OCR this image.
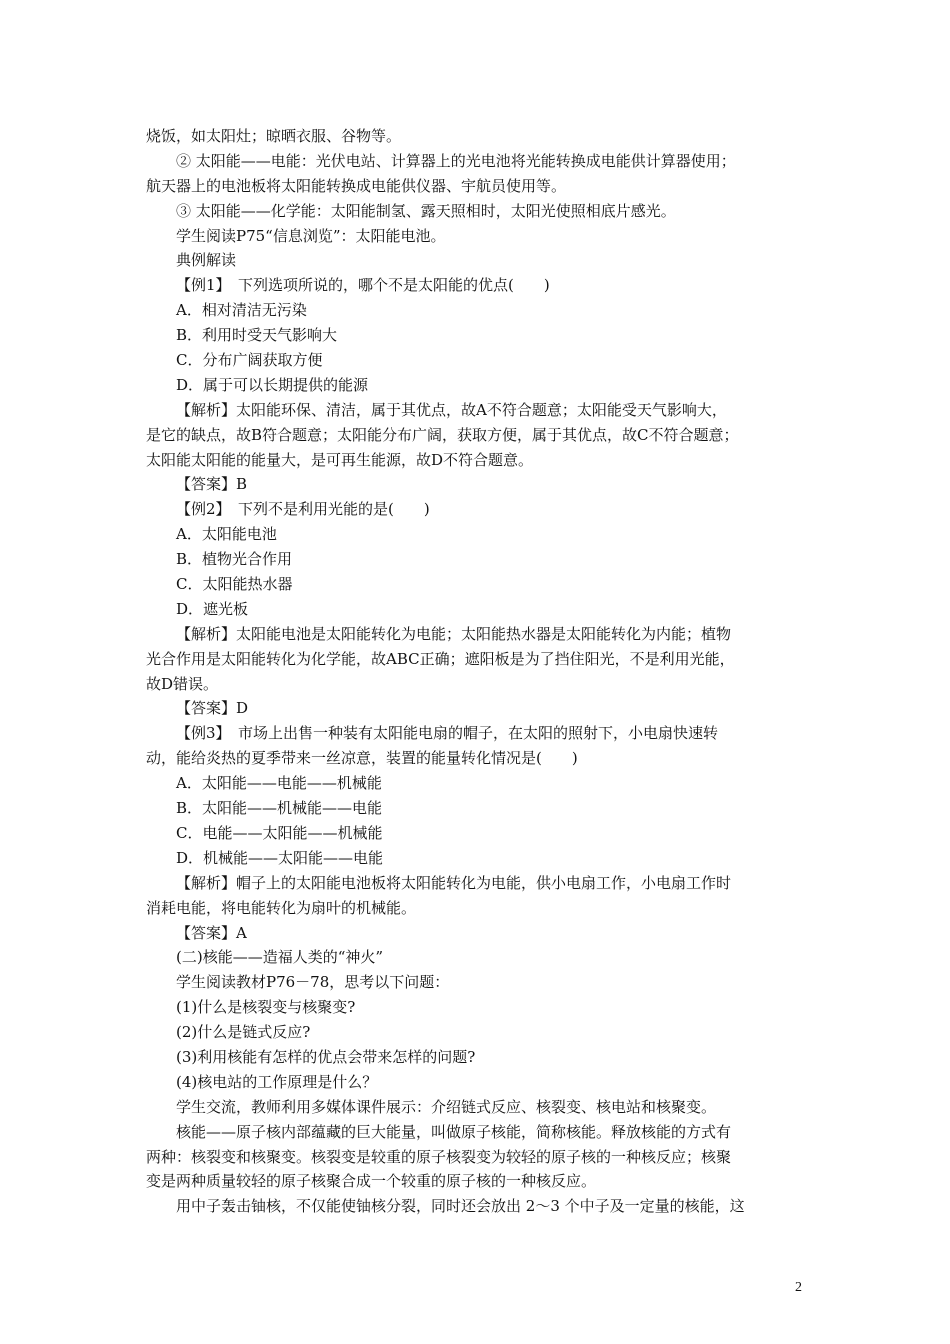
烧饭，如太阳灶；晾晒衣服、谷物等。
② 太阳能——电能：光伏电站、计算器上的光电池将光能转换成电能供计算器使用；
航天器上的电池板将太阳能转换成电能供仪器、宇航员使用等。
③ 太阳能——化学能：太阳能制氢、露天照相时，太阳光使照相底片感光。
学生阅读P75“信息浏览”：太阳能电池。
典例解读
【例1】　下列选项所说的，哪个不是太阳能的优点(　　)
A．相对清洁无污染
B．利用时受天气影响大
C．分布广阔获取方便
D．属于可以长期提供的能源
【解析】太阳能环保、清洁，属于其优点，故A不符合题意；太阳能受天气影响大，
是它的缺点，故B符合题意；太阳能分布广阔，获取方便，属于其优点，故C不符合题意；
太阳能太阳能的能量大，是可再生能源，故D不符合题意。
【答案】B
【例2】　下列不是利用光能的是(　　)
A．太阳能电池
B．植物光合作用
C．太阳能热水器
D．遮光板
【解析】太阳能电池是太阳能转化为电能；太阳能热水器是太阳能转化为内能；植物
光合作用是太阳能转化为化学能，故ABC正确；遮阳板是为了挡住阳光，不是利用光能，
故D错误。
【答案】D
【例3】　市场上出售一种装有太阳能电扇的帽子，在太阳的照射下，小电扇快速转
动，能给炎热的夏季带来一丝凉意，装置的能量转化情况是(　　)
A．太阳能——电能——机械能
B．太阳能——机械能——电能
C．电能——太阳能——机械能
D．机械能——太阳能——电能
【解析】帽子上的太阳能电池板将太阳能转化为电能，供小电扇工作，小电扇工作时
消耗电能，将电能转化为扇叶的机械能。
【答案】A
(二)核能——造福人类的“神火”
学生阅读教材P76－78，思考以下问题：
(1)什么是核裂变与核聚变?
(2)什么是链式反应?
(3)利用核能有怎样的优点会带来怎样的问题?
(4)核电站的工作原理是什么？
学生交流，教师利用多媒体课件展示：介绍链式反应、核裂变、核电站和核聚变。
核能——原子核内部蕴藏的巨大能量，叫做原子核能，简称核能。释放核能的方式有
两种：核裂变和核聚变。核裂变是较重的原子核裂变为较轻的原子核的一种核反应；核聚
变是两种质量较轻的原子核聚合成一个较重的原子核的一种核反应。
用中子轰击铀核，不仅能使铀核分裂，同时还会放出 2～3 个中子及一定量的核能，这
2
